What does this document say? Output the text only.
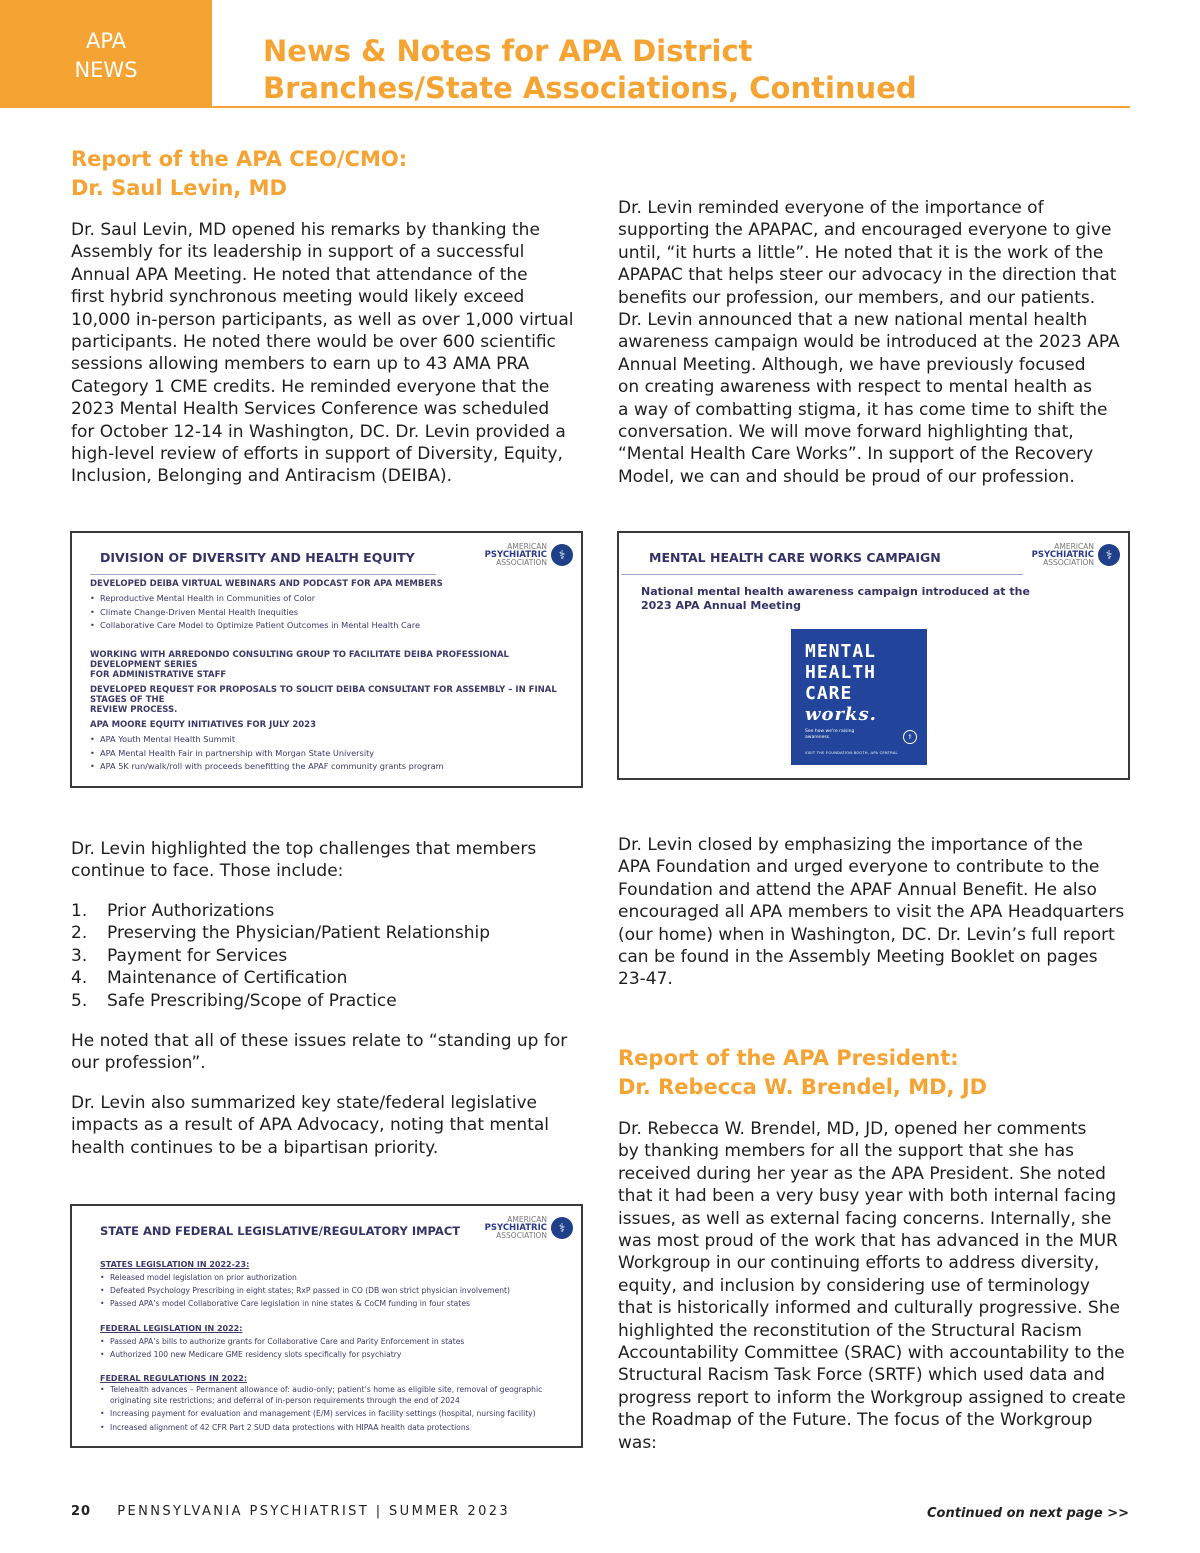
APA
NEWS
News & Notes for APA District
Branches/State Associations, Continued
Report of the APA CEO/CMO:
Dr. Saul Levin, MD
Dr. Saul Levin, MD opened his remarks by thanking the
Assembly for its leadership in support of a successful
Annual APA Meeting. He noted that attendance of the
first hybrid synchronous meeting would likely exceed
10,000 in-person participants, as well as over 1,000 virtual
participants. He noted there would be over 600 scientific
sessions allowing members to earn up to 43 AMA PRA
Category 1 CME credits. He reminded everyone that the
2023 Mental Health Services Conference was scheduled
for October 12-14 in Washington, DC. Dr. Levin provided a
high-level review of efforts in support of Diversity, Equity,
Inclusion, Belonging and Antiracism (DEIBA).
Dr. Levin reminded everyone of the importance of
supporting the APAPAC, and encouraged everyone to give
until, “it hurts a little”. He noted that it is the work of the
APAPAC that helps steer our advocacy in the direction that
benefits our profession, our members, and our patients.
Dr. Levin announced that a new national mental health
awareness campaign would be introduced at the 2023 APA
Annual Meeting. Although, we have previously focused
on creating awareness with respect to mental health as
a way of combatting stigma, it has come time to shift the
conversation. We will move forward highlighting that,
“Mental Health Care Works”. In support of the Recovery
Model, we can and should be proud of our profession.
DIVISION OF DIVERSITY AND HEALTH EQUITY
AMERICAN
PSYCHIATRIC
ASSOCIATION
⚕
DEVELOPED DEIBA VIRTUAL WEBINARS AND PODCAST FOR APA MEMBERS
• Reproductive Mental Health in Communities of Color
• Climate Change-Driven Mental Health Inequities
• Collaborative Care Model to Optimize Patient Outcomes in Mental Health Care
WORKING WITH ARREDONDO CONSULTING GROUP TO FACILITATE DEIBA PROFESSIONAL DEVELOPMENT SERIES
FOR ADMINISTRATIVE STAFF
DEVELOPED REQUEST FOR PROPOSALS TO SOLICIT DEIBA CONSULTANT FOR ASSEMBLY – IN FINAL STAGES OF THE
REVIEW PROCESS.
APA MOORE EQUITY INITIATIVES FOR JULY 2023
• APA Youth Mental Health Summit
• APA Mental Health Fair in partnership with Morgan State University
• APA 5K run/walk/roll with proceeds benefitting the APAF community grants program
MENTAL HEALTH CARE WORKS CAMPAIGN
AMERICAN
PSYCHIATRIC
ASSOCIATION
⚕
National mental health awareness campaign introduced at the
2023 APA Annual Meeting
MENTAL
HEALTH
CARE
works.
See how we're raising
awareness.	⚕
VISIT THE FOUNDATION BOOTH, APA CENTRAL
Dr. Levin highlighted the top challenges that members
continue to face. Those include:
1. Prior Authorizations
2. Preserving the Physician/Patient Relationship
3. Payment for Services
4. Maintenance of Certification
5. Safe Prescribing/Scope of Practice
He noted that all of these issues relate to “standing up for
our profession”.
Dr. Levin also summarized key state/federal legislative
impacts as a result of APA Advocacy, noting that mental
health continues to be a bipartisan priority.
Dr. Levin closed by emphasizing the importance of the
APA Foundation and urged everyone to contribute to the
Foundation and attend the APAF Annual Benefit. He also
encouraged all APA members to visit the APA Headquarters
(our home) when in Washington, DC. Dr. Levin’s full report
can be found in the Assembly Meeting Booklet on pages
23-47.
Report of the APA President:
Dr. Rebecca W. Brendel, MD, JD
Dr. Rebecca W. Brendel, MD, JD, opened her comments
by thanking members for all the support that she has
received during her year as the APA President. She noted
that it had been a very busy year with both internal facing
issues, as well as external facing concerns. Internally, she
was most proud of the work that has advanced in the MUR
Workgroup in our continuing efforts to address diversity,
equity, and inclusion by considering use of terminology
that is historically informed and culturally progressive. She
highlighted the reconstitution of the Structural Racism
Accountability Committee (SRAC) with accountability to the
Structural Racism Task Force (SRTF) which used data and
progress report to inform the Workgroup assigned to create
the Roadmap of the Future. The focus of the Workgroup
was:
STATE AND FEDERAL LEGISLATIVE/REGULATORY IMPACT
AMERICAN
PSYCHIATRIC
ASSOCIATION
⚕
STATES LEGISLATION IN 2022-23:
• Released model legislation on prior authorization
• Defeated Psychology Prescribing in eight states; RxP passed in CO (DB won strict physician involvement)
• Passed APA’s model Collaborative Care legislation in nine states & CoCM funding in four states
FEDERAL LEGISLATION IN 2022:
• Passed APA’s bills to authorize grants for Collaborative Care and Parity Enforcement in states
• Authorized 100 new Medicare GME residency slots specifically for psychiatry
FEDERAL REGULATIONS IN 2022:
• Telehealth advances – Permanent allowance of: audio-only; patient’s home as eligible site, removal of geographic
originating site restrictions; and deferral of in-person requirements through the end of 2024
• Increasing payment for evaluation and management (E/M) services in facility settings (hospital, nursing facility)
• Increased alignment of 42 CFR Part 2 SUD data protections with HIPAA health data protections
20 PENNSYLVANIA PSYCHIATRIST | SUMMER 2023	Continued on next page >>
